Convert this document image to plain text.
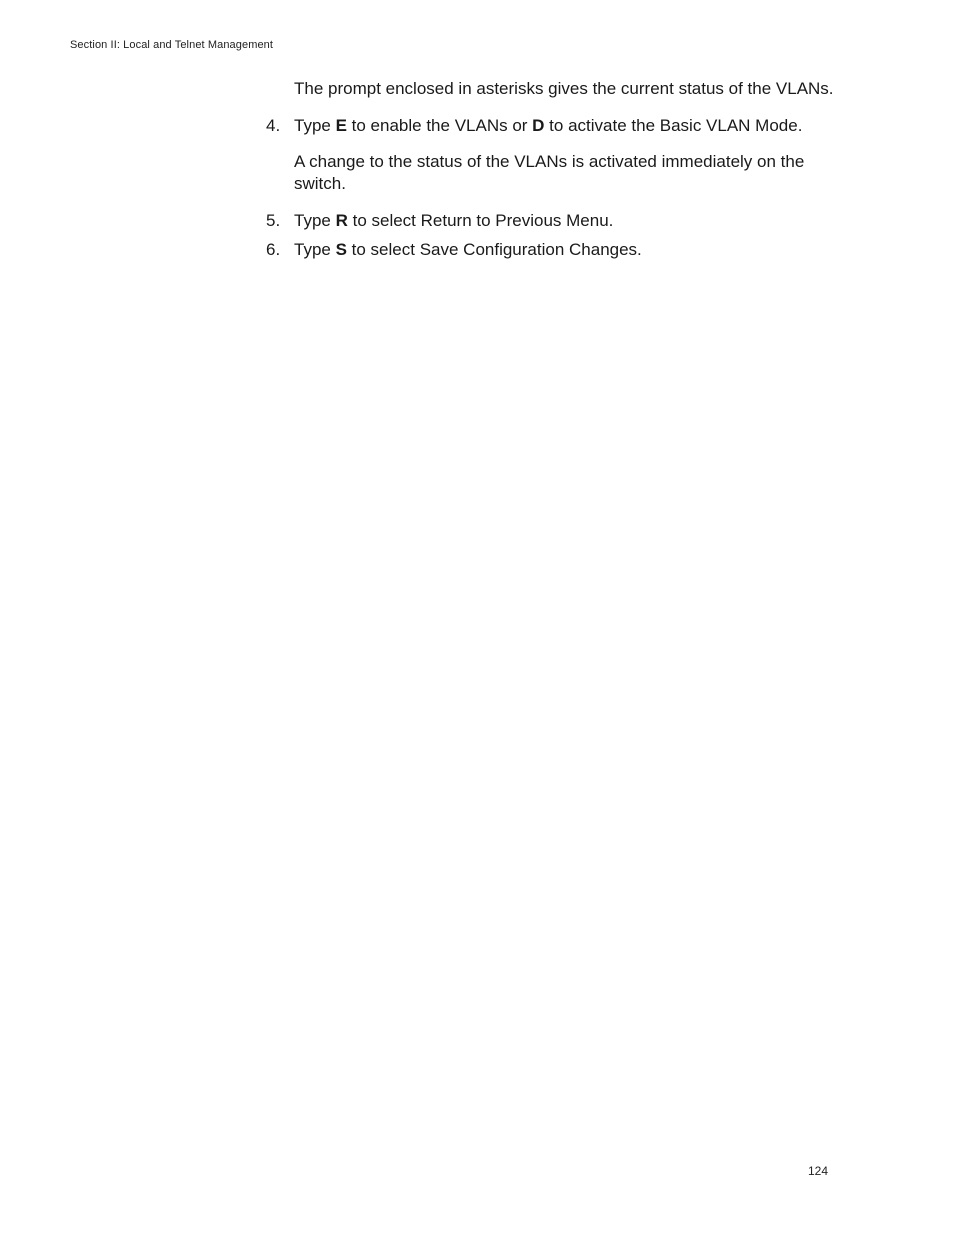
Section II: Local and Telnet Management

The prompt enclosed in asterisks gives the current status of the VLANs.

4. Type E to enable the VLANs or D to activate the Basic VLAN Mode.

A change to the status of the VLANs is activated immediately on the switch.

5. Type R to select Return to Previous Menu.
6. Type S to select Save Configuration Changes.
124
